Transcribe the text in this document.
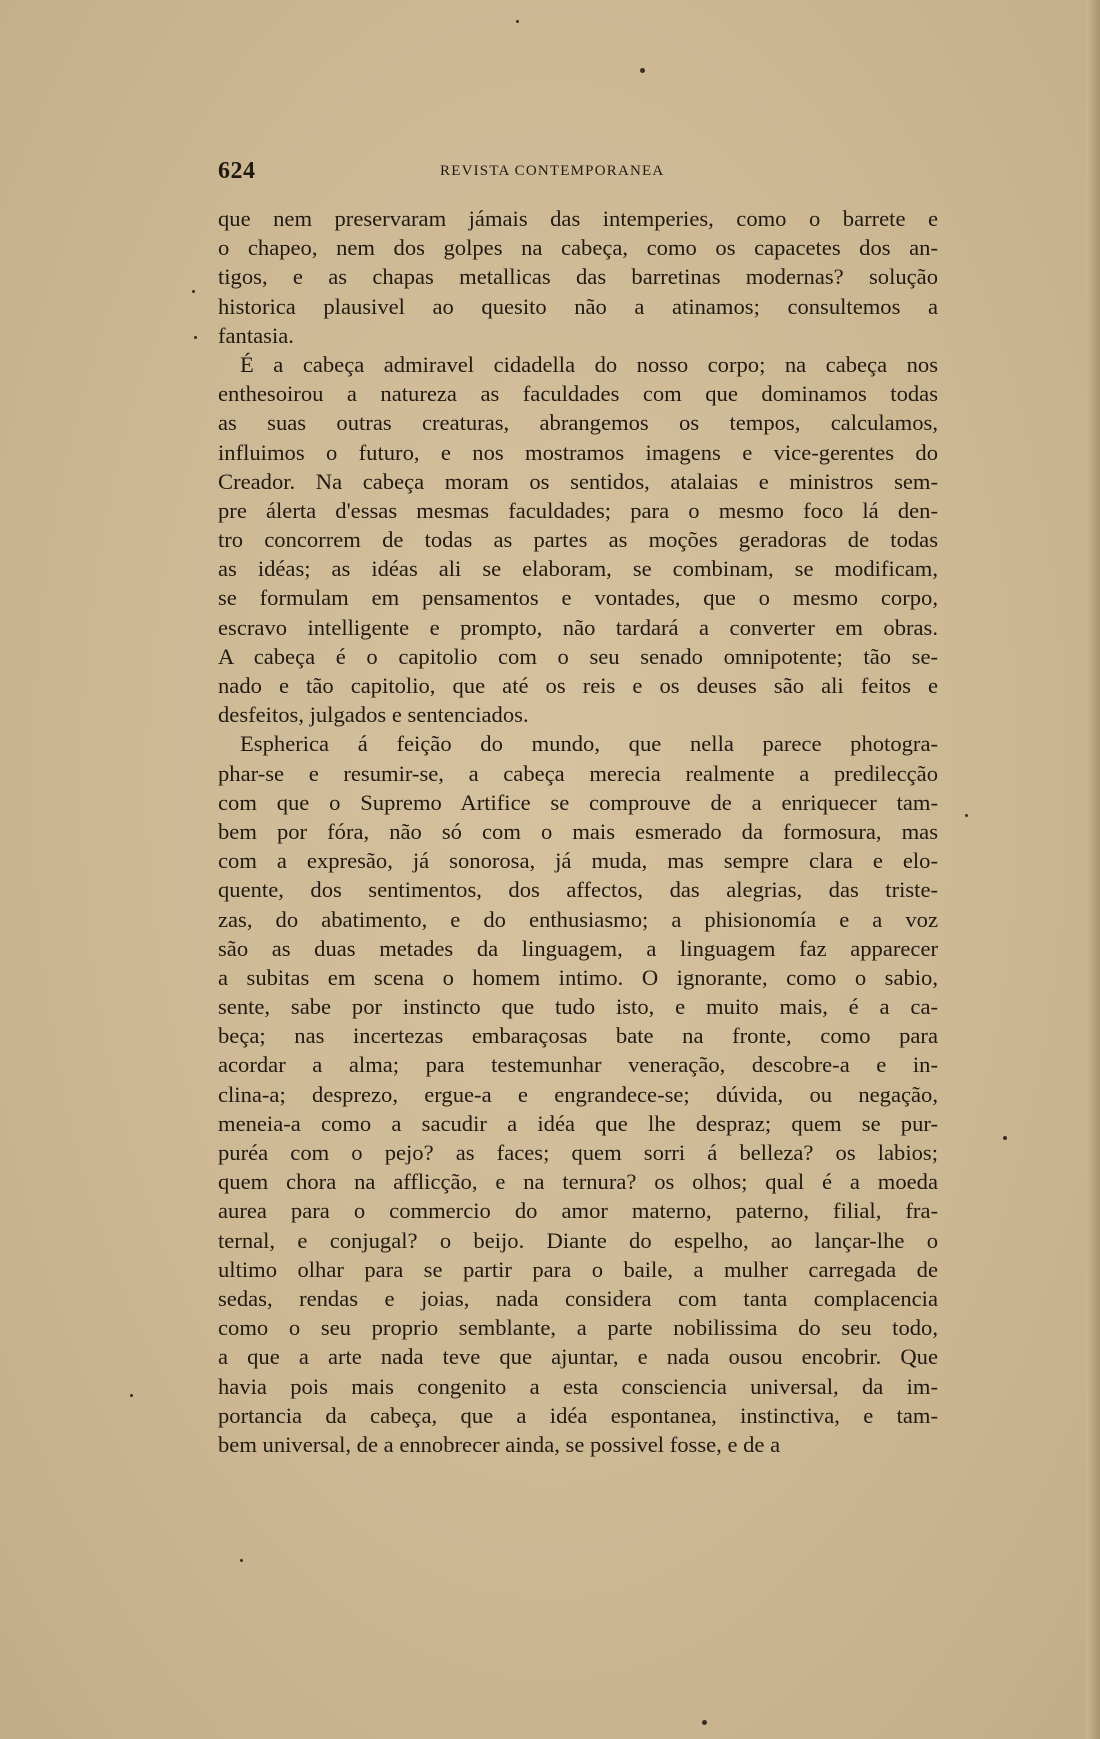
624	REVISTA CONTEMPORANEA
que nem preservaram jámais das intemperies, como o barrete e
o chapeo, nem dos golpes na cabeça, como os capacetes dos an-
tigos, e as chapas metallicas das barretinas modernas? solução
historica plausivel ao quesito não a atinamos; consultemos a
fantasia.
É a cabeça admiravel cidadella do nosso corpo; na cabeça nos
enthesoirou a natureza as faculdades com que dominamos todas
as suas outras creaturas, abrangemos os tempos, calculamos,
influimos o futuro, e nos mostramos imagens e vice-gerentes do
Creador. Na cabeça moram os sentidos, atalaias e ministros sem-
pre álerta d'essas mesmas faculdades; para o mesmo foco lá den-
tro concorrem de todas as partes as moções geradoras de todas
as idéas; as idéas ali se elaboram, se combinam, se modificam,
se formulam em pensamentos e vontades, que o mesmo corpo,
escravo intelligente e prompto, não tardará a converter em obras.
A cabeça é o capitolio com o seu senado omnipotente; tão se-
nado e tão capitolio, que até os reis e os deuses são ali feitos e
desfeitos, julgados e sentenciados.
Espherica á feição do mundo, que nella parece photogra-
phar-se e resumir-se, a cabeça merecia realmente a predilecção
com que o Supremo Artifice se comprouve de a enriquecer tam-
bem por fóra, não só com o mais esmerado da formosura, mas
com a expresão, já sonorosa, já muda, mas sempre clara e elo-
quente, dos sentimentos, dos affectos, das alegrias, das triste-
zas, do abatimento, e do enthusiasmo; a phisionomía e a voz
são as duas metades da linguagem, a linguagem faz apparecer
a subitas em scena o homem intimo. O ignorante, como o sabio,
sente, sabe por instincto que tudo isto, e muito mais, é a ca-
beça; nas incertezas embaraçosas bate na fronte, como para
acordar a alma; para testemunhar veneração, descobre-a e in-
clina-a; desprezo, ergue-a e engrandece-se; dúvida, ou negação,
meneia-a como a sacudir a idéa que lhe despraz; quem se pur-
puréa com o pejo? as faces; quem sorri á belleza? os labios;
quem chora na afflicção, e na ternura? os olhos; qual é a moeda
aurea para o commercio do amor materno, paterno, filial, fra-
ternal, e conjugal? o beijo. Diante do espelho, ao lançar-lhe o
ultimo olhar para se partir para o baile, a mulher carregada de
sedas, rendas e joias, nada considera com tanta complacencia
como o seu proprio semblante, a parte nobilissima do seu todo,
a que a arte nada teve que ajuntar, e nada ousou encobrir. Que
havia pois mais congenito a esta consciencia universal, da im-
portancia da cabeça, que a idéa espontanea, instinctiva, e tam-
bem universal, de a ennobrecer ainda, se possivel fosse, e de a
